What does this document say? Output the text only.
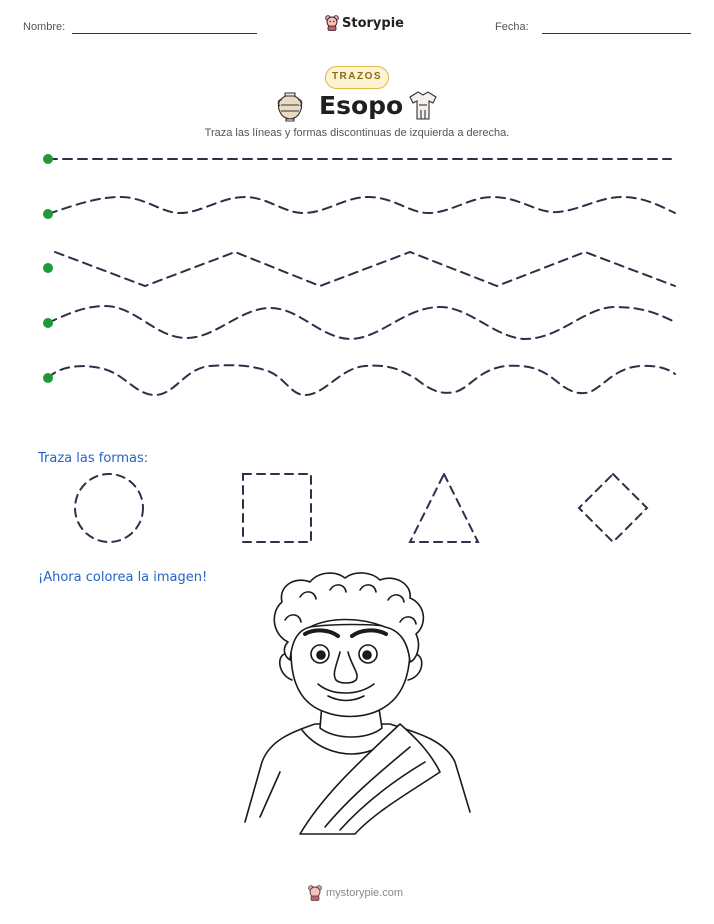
Nombre:	Storypie	Fecha:
TRAZOS
Esopo
Traza las líneas y formas discontinuas de izquierda a derecha.
Traza las formas:
¡Ahora colorea la imagen!
mystorypie.com
